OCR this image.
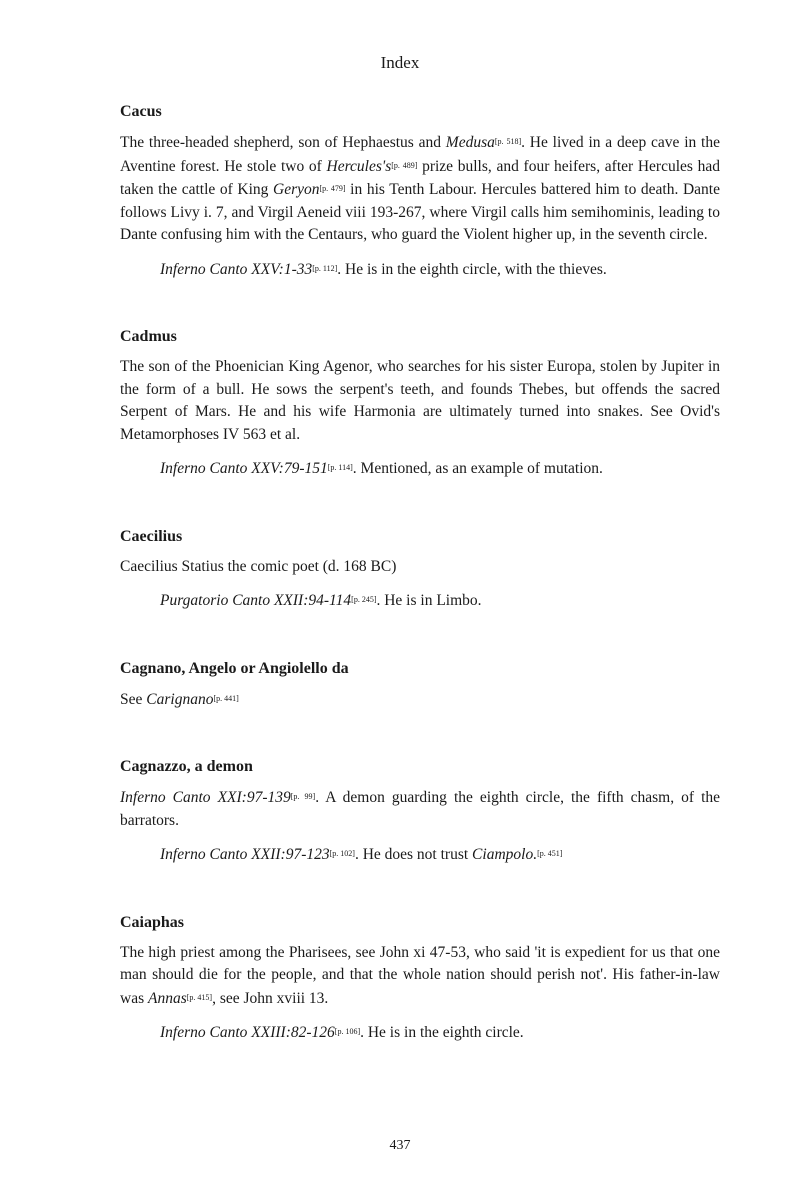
Index
Cacus

The three-headed shepherd, son of Hephaestus and Medusa[p. 518]. He lived in a deep cave in the Aventine forest. He stole two of Hercules's[p. 489] prize bulls, and four heifers, after Hercules had taken the cattle of King Geryon[p. 479] in his Tenth Labour. Hercules battered him to death. Dante follows Livy i. 7, and Virgil Aeneid viii 193-267, where Virgil calls him semihominis, leading to Dante confusing him with the Centaurs, who guard the Violent higher up, in the seventh circle.

Inferno Canto XXV:1-33[p. 112]. He is in the eighth circle, with the thieves.

Cadmus

The son of the Phoenician King Agenor, who searches for his sister Europa, stolen by Jupiter in the form of a bull. He sows the serpent's teeth, and founds Thebes, but offends the sacred Serpent of Mars. He and his wife Harmonia are ultimately turned into snakes. See Ovid's Metamorphoses IV 563 et al.

Inferno Canto XXV:79-151[p. 114]. Mentioned, as an example of mutation.

Caecilius

Caecilius Statius the comic poet (d. 168 BC)

Purgatorio Canto XXII:94-114[p. 245]. He is in Limbo.

Cagnano, Angelo or Angiolello da

See Carignano[p. 441]

Cagnazzo, a demon

Inferno Canto XXI:97-139[p. 99]. A demon guarding the eighth circle, the fifth chasm, of the barrators.

Inferno Canto XXII:97-123[p. 102]. He does not trust Ciampolo.[p. 451]

Caiaphas

The high priest among the Pharisees, see John xi 47-53, who said 'it is expedient for us that one man should die for the people, and that the whole nation should perish not'. His father-in-law was Annas[p. 415], see John xviii 13.

Inferno Canto XXIII:82-126[p. 106]. He is in the eighth circle.

437
